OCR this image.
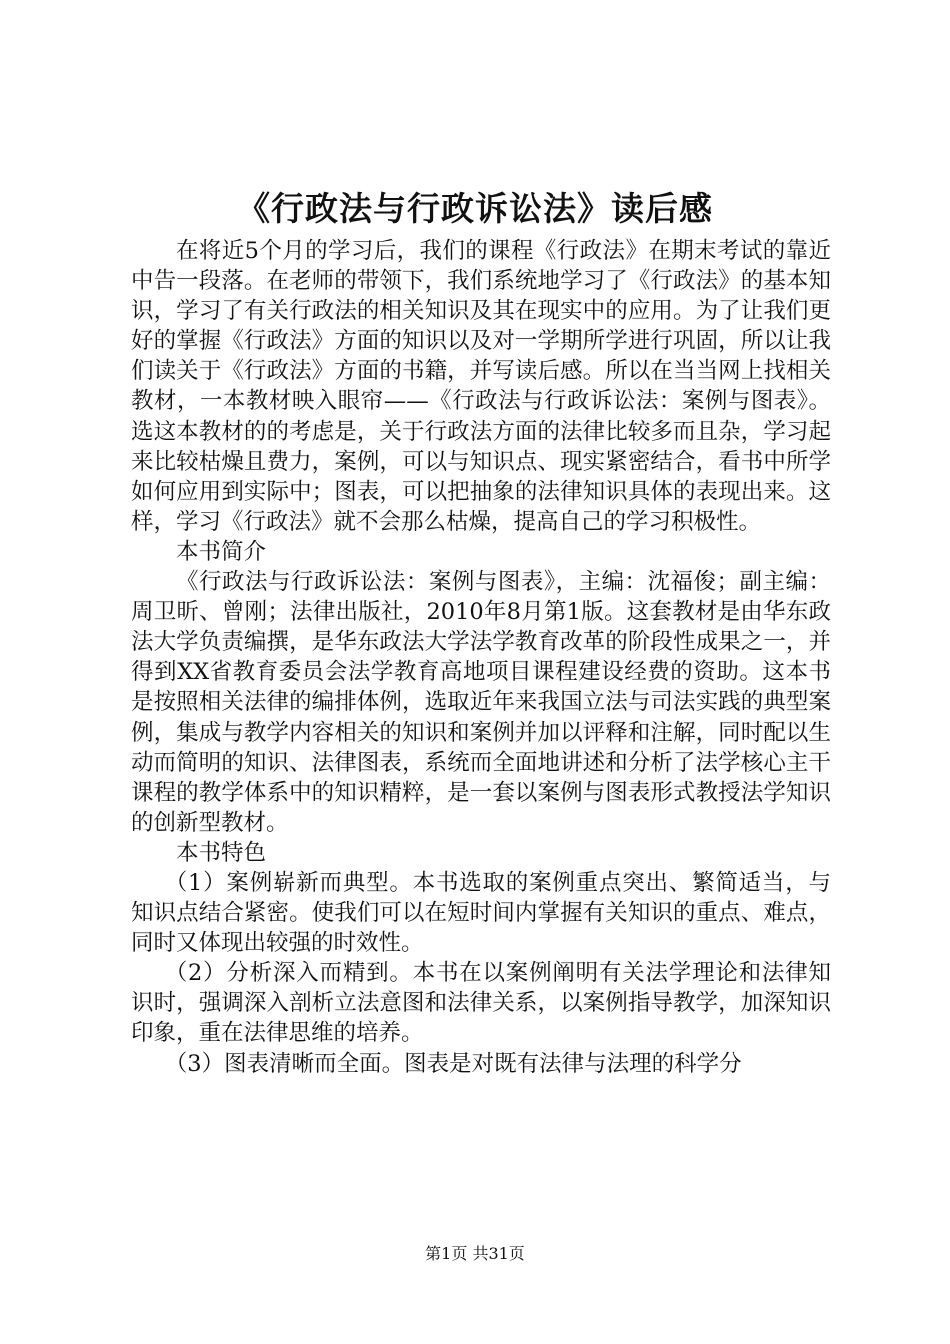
《行政法与行政诉讼法》读后感

在将近5个月的学习后，我们的课程《行政法》在期末考试的靠近中告一段落。在老师的带领下，我们系统地学习了《行政法》的基本知识，学习了有关行政法的相关知识及其在现实中的应用。为了让我们更好的掌握《行政法》方面的知识以及对一学期所学进行巩固，所以让我们读关于《行政法》方面的书籍，并写读后感。所以在当当网上找相关教材，一本教材映入眼帘——《行政法与行政诉讼法：案例与图表》。选这本教材的的考虑是，关于行政法方面的法律比较多而且杂，学习起来比较枯燥且费力，案例，可以与知识点、现实紧密结合，看书中所学如何应用到实际中；图表，可以把抽象的法律知识具体的表现出来。这样，学习《行政法》就不会那么枯燥，提高自己的学习积极性。

本书简介

《行政法与行政诉讼法：案例与图表》，主编：沈福俊；副主编：周卫昕、曾刚；法律出版社，2010年8月第1版。这套教材是由华东政法大学负责编撰，是华东政法大学法学教育改革的阶段性成果之一，并得到XX省教育委员会法学教育高地项目课程建设经费的资助。这本书是按照相关法律的编排体例，选取近年来我国立法与司法实践的典型案例，集成与教学内容相关的知识和案例并加以评释和注解，同时配以生动而简明的知识、法律图表，系统而全面地讲述和分析了法学核心主干课程的教学体系中的知识精粹，是一套以案例与图表形式教授法学知识的创新型教材。

本书特色

（1）案例崭新而典型。本书选取的案例重点突出、繁简适当，与知识点结合紧密。使我们可以在短时间内掌握有关知识的重点、难点，同时又体现出较强的时效性。

（2）分析深入而精到。本书在以案例阐明有关法学理论和法律知识时，强调深入剖析立法意图和法律关系，以案例指导教学，加深知识印象，重在法律思维的培养。

（3）图表清晰而全面。图表是对既有法律与法理的科学分

第1页 共31页
